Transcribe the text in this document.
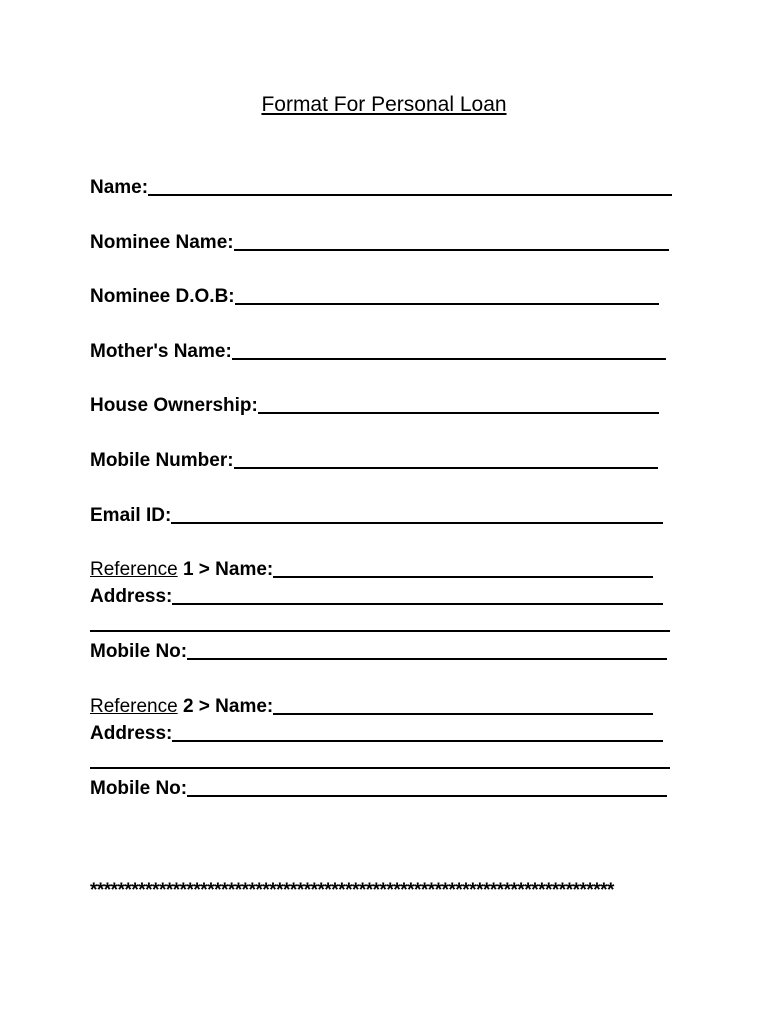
Format For Personal Loan
Name:
Nominee Name:
Nominee D.O.B:
Mother's Name:
House Ownership:
Mobile Number:
Email ID:
Reference 1 > Name:
Address:
Mobile No:
Reference 2 > Name:
Address:
Mobile No:
****************************************************************************
